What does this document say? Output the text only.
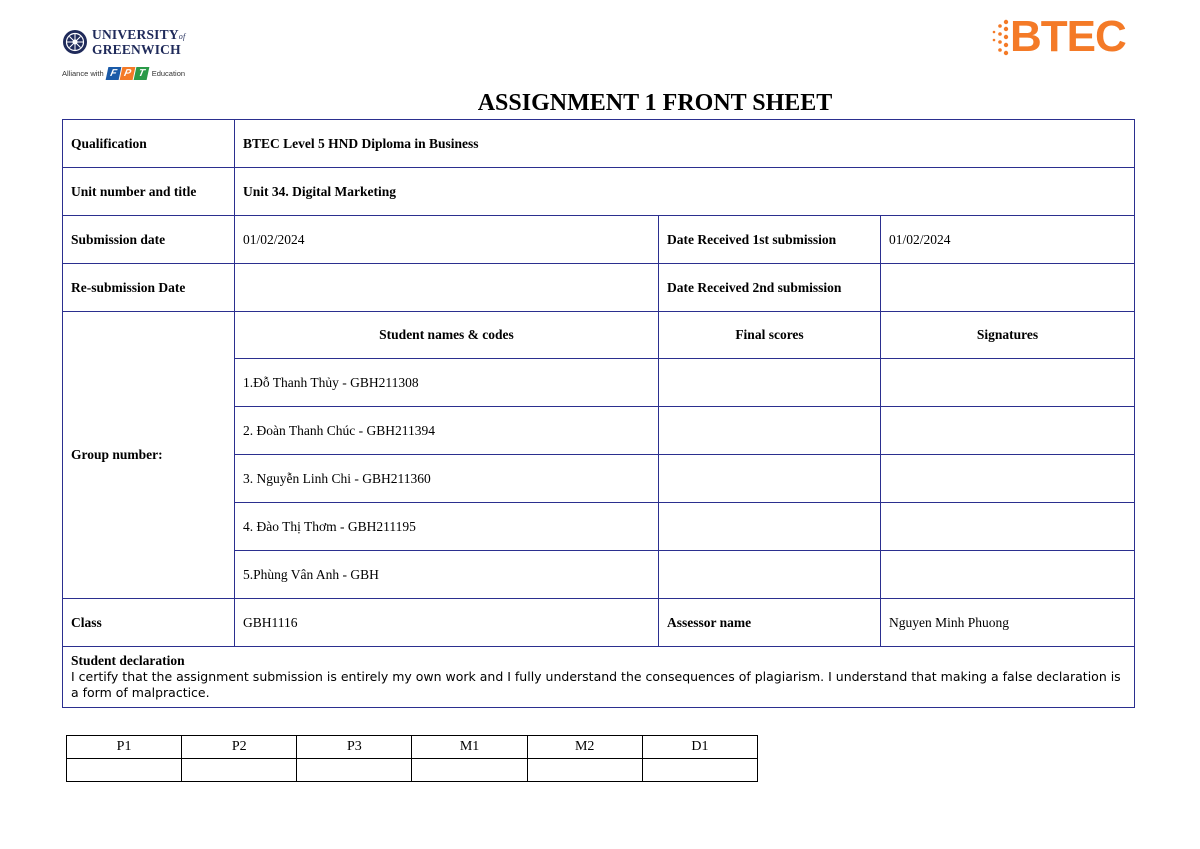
UNIVERSITYof
GREENWICH
Alliance with F P T Education
BTEC
ASSIGNMENT 1 FRONT SHEET
Qualification	BTEC Level 5 HND Diploma in Business		
Unit number and title	Unit 34. Digital Marketing		
Submission date	01/02/2024	Date Received 1st submission	01/02/2024
Re-submission Date		Date Received 2nd submission	
Group number:	Student names & codes	Final scores	Signatures
	1.Đỗ Thanh Thủy - GBH211308		
	2. Đoàn Thanh Chúc - GBH211394		
	3. Nguyễn Linh Chi - GBH211360		
	4. Đào Thị Thơm - GBH211195		
	5.Phùng Vân Anh - GBH		
Class	GBH1116	Assessor name	Nguyen Minh Phuong

Student declaration
I certify that the assignment submission is entirely my own work and I fully understand the consequences of plagiarism. I understand that making a false declaration is a form of malpractice.			
P1	P2	P3	M1	M2	D1
